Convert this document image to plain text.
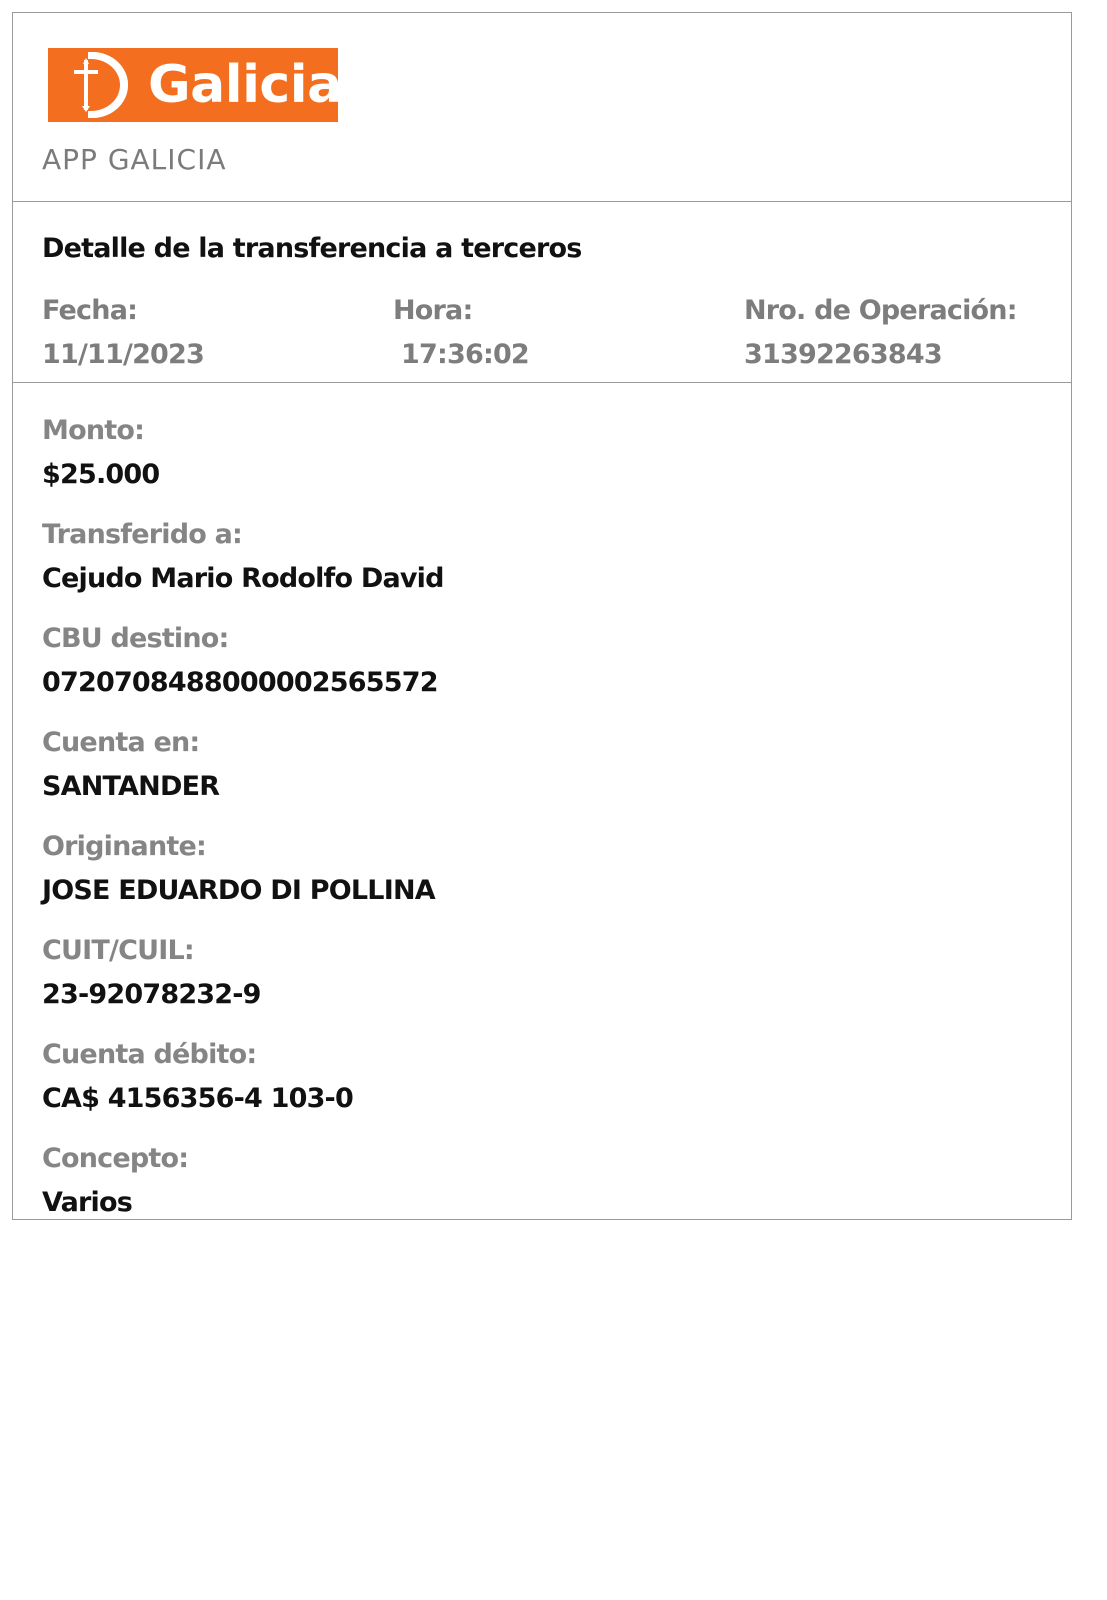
Galicia
APP GALICIA
Detalle de la transferencia a terceros
Fecha:
11/11/2023
Hora:
17:36:02
Nro. de Operación:
31392263843
Monto:
$25.000
Transferido a:
Cejudo Mario Rodolfo David
CBU destino:
0720708488000002565572
Cuenta en:
SANTANDER
Originante:
JOSE EDUARDO DI POLLINA
CUIT/CUIL:
23-92078232-9
Cuenta débito:
CA$ 4156356-4 103-0
Concepto:
Varios
